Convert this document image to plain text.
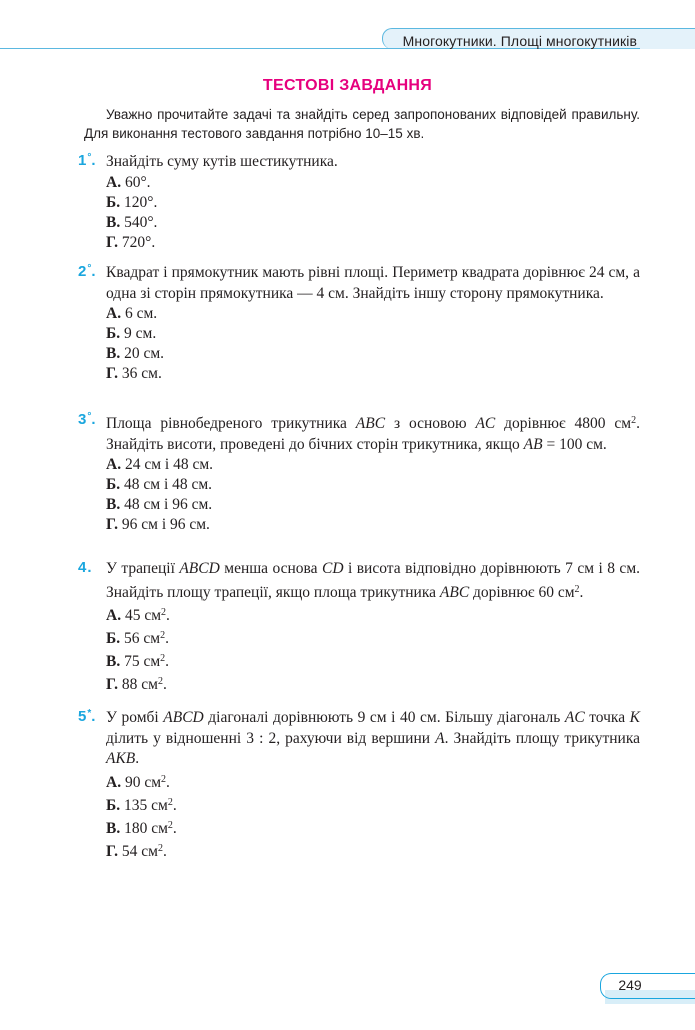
Многокутники. Площі многокутників
ТЕСТОВІ ЗАВДАННЯ
Уважно прочитайте задачі та знайдіть серед запропонованих відповідей правильну. Для виконання тестового завдання потрібно 10–15 хв.
1°. Знайдіть суму кутів шестикутника.
А. 60°.
Б. 120°.
В. 540°.
Г. 720°.
2°. Квадрат і прямокутник мають рівні площі. Периметр квадрата дорівнює 24 см, а одна зі сторін прямокутника — 4 см. Знайдіть іншу сторону прямокутника.
А. 6 см.
Б. 9 см.
В. 20 см.
Г. 36 см.
3°. Площа рівнобедреного трикутника ABC з основою AC дорівнює 4800 $см^2$. Знайдіть висоти, проведені до бічних сторін трикутника, якщо AB = 100 см.
А. 24 см і 48 см.
Б. 48 см і 48 см.
В. 48 см і 96 см.
Г. 96 см і 96 см.
4. У трапеції ABCD менша основа CD і висота відповідно дорівнюють 7 см і 8 см. Знайдіть площу трапеції, якщо площа трикутника ABC дорівнює 60 $см^2$.
А. 45 $см^2$.
Б. 56 $см^2$.
В. 75 $см^2$.
Г. 88 $см^2$.
5*. У ромбі ABCD діагоналі дорівнюють 9 см і 40 см. Більшу діагональ AC точка K ділить у відношенні 3 : 2, рахуючи від вершини A. Знайдіть площу трикутника AKB.
А. 90 $см^2$.
Б. 135 $см^2$.
В. 180 $см^2$.
Г. 54 $см^2$.
249
